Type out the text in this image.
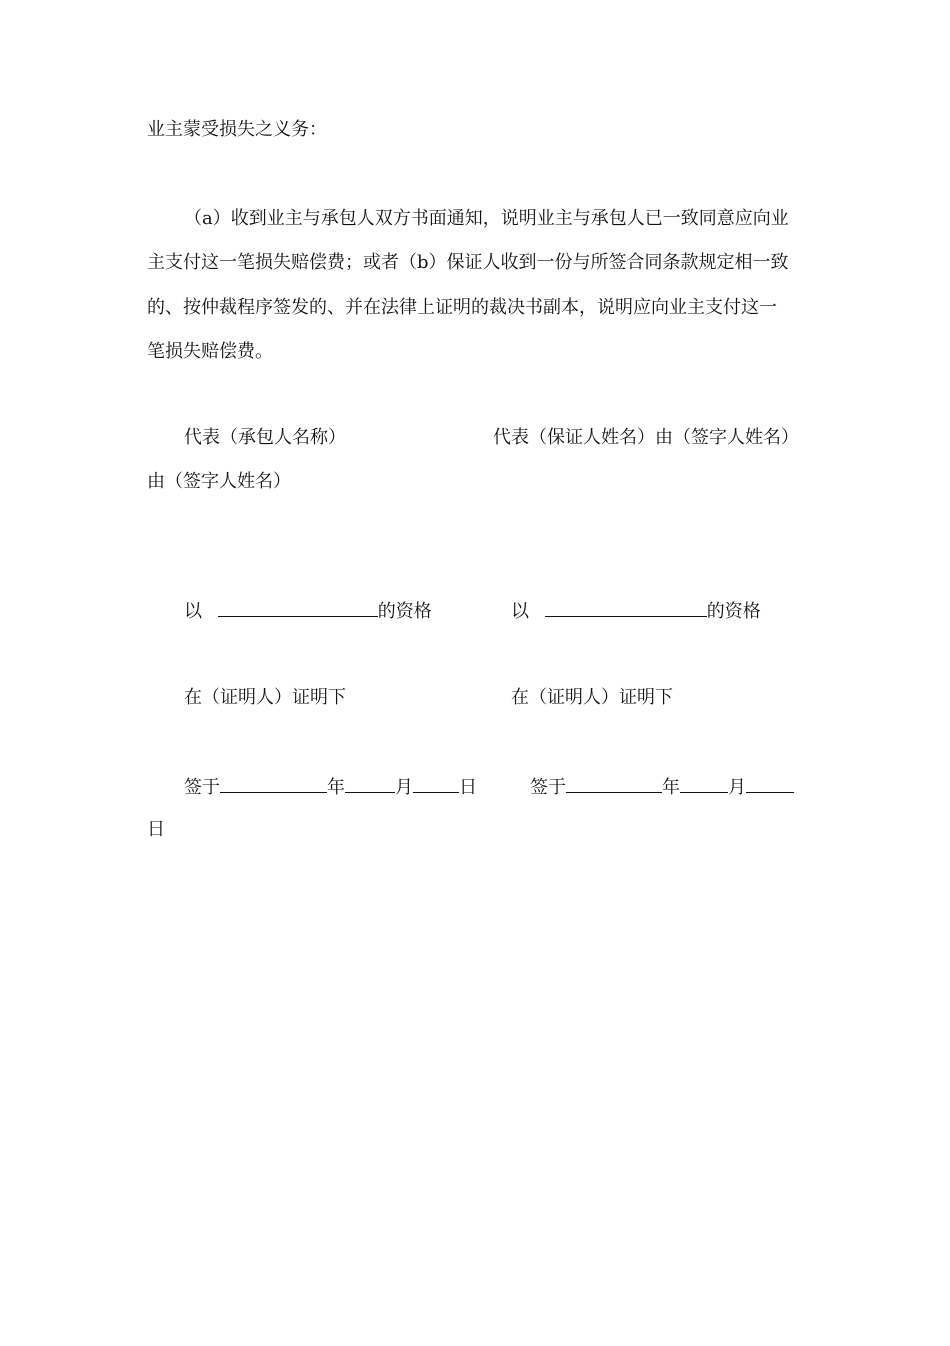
业主蒙受损失之义务：
（a）收到业主与承包人双方书面通知，说明业主与承包人已一致同意应向业
主支付这一笔损失赔偿费；或者（b）保证人收到一份与所签合同条款规定相一致
的、按仲裁程序签发的、并在法律上证明的裁决书副本，说明应向业主支付这一
笔损失赔偿费。
代表（承包人名称）	代表（保证人姓名）由（签字人姓名）
由（签字人姓名）
以	的资格	以	的资格
在（证明人）证明下	在（证明人）证明下
签于	年	月	日	签于	年	月
日
